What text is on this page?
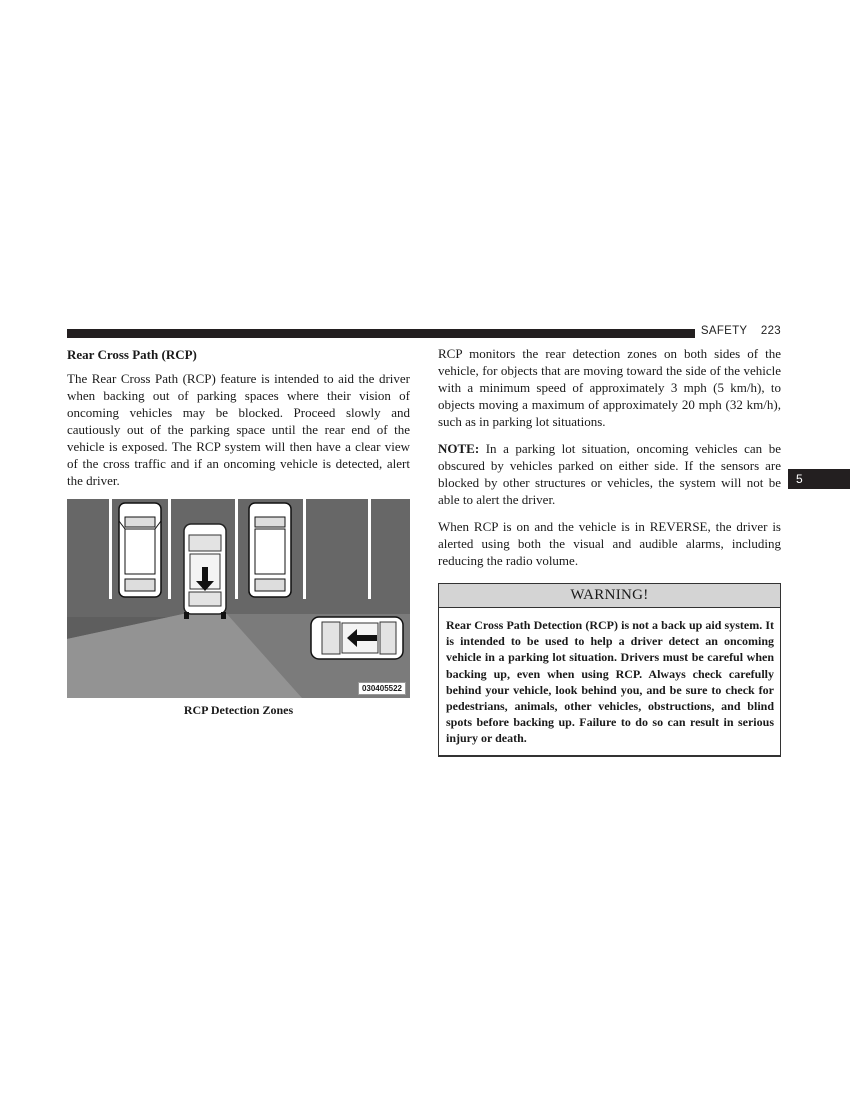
SAFETY 223
5
Rear Cross Path (RCP)

The Rear Cross Path (RCP) feature is intended to aid the driver when backing out of parking spaces where their vision of oncoming vehicles may be blocked. Proceed slowly and cautiously out of the parking space until the rear end of the vehicle is exposed. The RCP system will then have a clear view of the cross traffic and if an oncoming vehicle is detected, alert the driver.

030405522
RCP Detection Zones

RCP monitors the rear detection zones on both sides of the vehicle, for objects that are moving toward the side of the vehicle with a minimum speed of approximately 3 mph (5 km/h), to objects moving a maximum of approximately 20 mph (32 km/h), such as in parking lot situations.

NOTE: In a parking lot situation, oncoming vehicles can be obscured by vehicles parked on either side. If the sensors are blocked by other structures or vehicles, the system will not be able to alert the driver.

When RCP is on and the vehicle is in REVERSE, the driver is alerted using both the visual and audible alarms, including reducing the radio volume.

WARNING!
Rear Cross Path Detection (RCP) is not a back up aid system. It is intended to be used to help a driver detect an oncoming vehicle in a parking lot situation. Drivers must be careful when backing up, even when using RCP. Always check carefully behind your vehicle, look behind you, and be sure to check for pedestrians, animals, other vehicles, obstructions, and blind spots before backing up. Failure to do so can result in serious injury or death.
